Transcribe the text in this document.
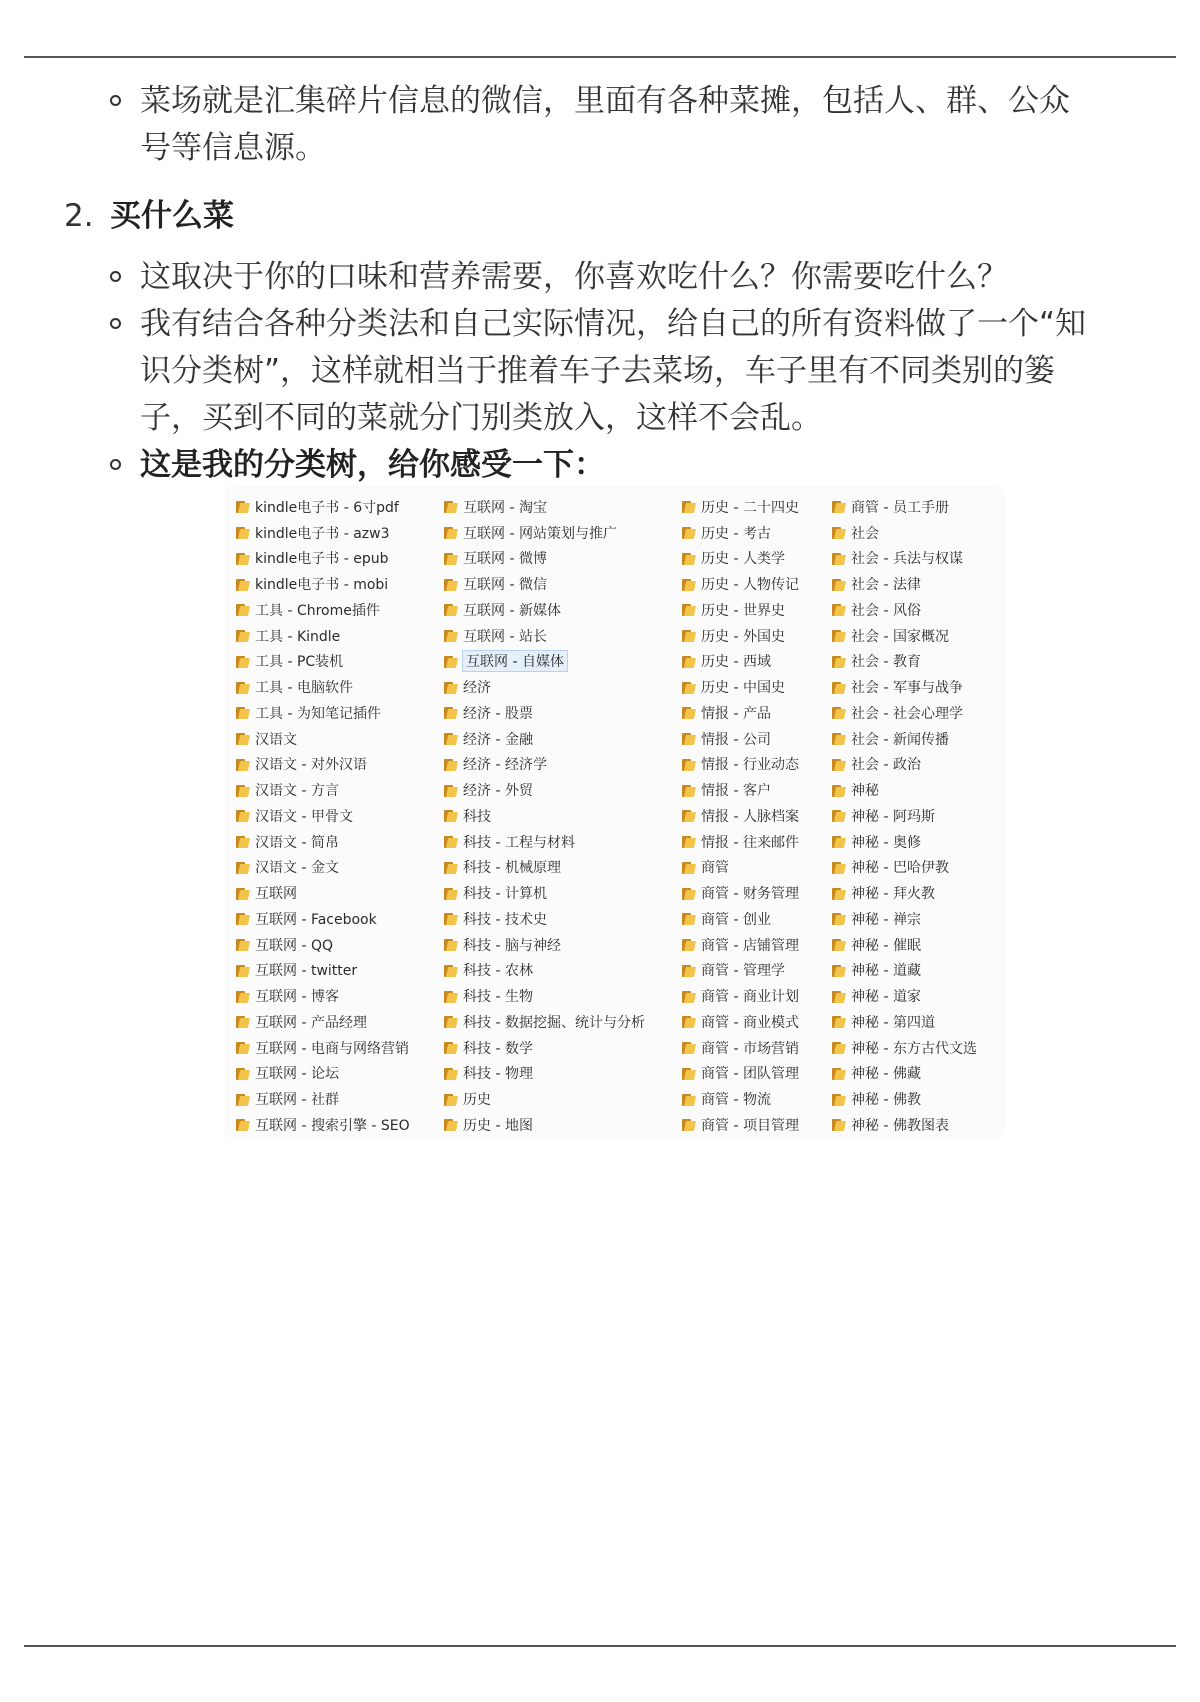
菜场就是汇集碎片信息的微信，里面有各种菜摊，包括人、群、公众号等信息源。
2. 买什么菜
这取决于你的口味和营养需要，你喜欢吃什么？你需要吃什么？
我有结合各种分类法和自己实际情况，给自己的所有资料做了一个“知识分类树”，这样就相当于推着车子去菜场，车子里有不同类别的篓子，买到不同的菜就分门别类放入，这样不会乱。
这是我的分类树，给你感受一下：
kindle电子书 - 6寸pdf
kindle电子书 - azw3
kindle电子书 - epub
kindle电子书 - mobi
工具 - Chrome插件
工具 - Kindle
工具 - PC装机
工具 - 电脑软件
工具 - 为知笔记插件
汉语文
汉语文 - 对外汉语
汉语文 - 方言
汉语文 - 甲骨文
汉语文 - 简帛
汉语文 - 金文
互联网
互联网 - Facebook
互联网 - QQ
互联网 - twitter
互联网 - 博客
互联网 - 产品经理
互联网 - 电商与网络营销
互联网 - 论坛
互联网 - 社群
互联网 - 搜索引擎 - SEO
互联网 - 淘宝
互联网 - 网站策划与推广
互联网 - 微博
互联网 - 微信
互联网 - 新媒体
互联网 - 站长
互联网 - 自媒体
经济
经济 - 股票
经济 - 金融
经济 - 经济学
经济 - 外贸
科技
科技 - 工程与材料
科技 - 机械原理
科技 - 计算机
科技 - 技术史
科技 - 脑与神经
科技 - 农林
科技 - 生物
科技 - 数据挖掘、统计与分析
科技 - 数学
科技 - 物理
历史
历史 - 地图
历史 - 二十四史
历史 - 考古
历史 - 人类学
历史 - 人物传记
历史 - 世界史
历史 - 外国史
历史 - 西域
历史 - 中国史
情报 - 产品
情报 - 公司
情报 - 行业动态
情报 - 客户
情报 - 人脉档案
情报 - 往来邮件
商管
商管 - 财务管理
商管 - 创业
商管 - 店铺管理
商管 - 管理学
商管 - 商业计划
商管 - 商业模式
商管 - 市场营销
商管 - 团队管理
商管 - 物流
商管 - 项目管理
商管 - 员工手册
社会
社会 - 兵法与权谋
社会 - 法律
社会 - 风俗
社会 - 国家概况
社会 - 教育
社会 - 军事与战争
社会 - 社会心理学
社会 - 新闻传播
社会 - 政治
神秘
神秘 - 阿玛斯
神秘 - 奥修
神秘 - 巴哈伊教
神秘 - 拜火教
神秘 - 禅宗
神秘 - 催眠
神秘 - 道藏
神秘 - 道家
神秘 - 第四道
神秘 - 东方古代文选
神秘 - 佛藏
神秘 - 佛教
神秘 - 佛教图表
